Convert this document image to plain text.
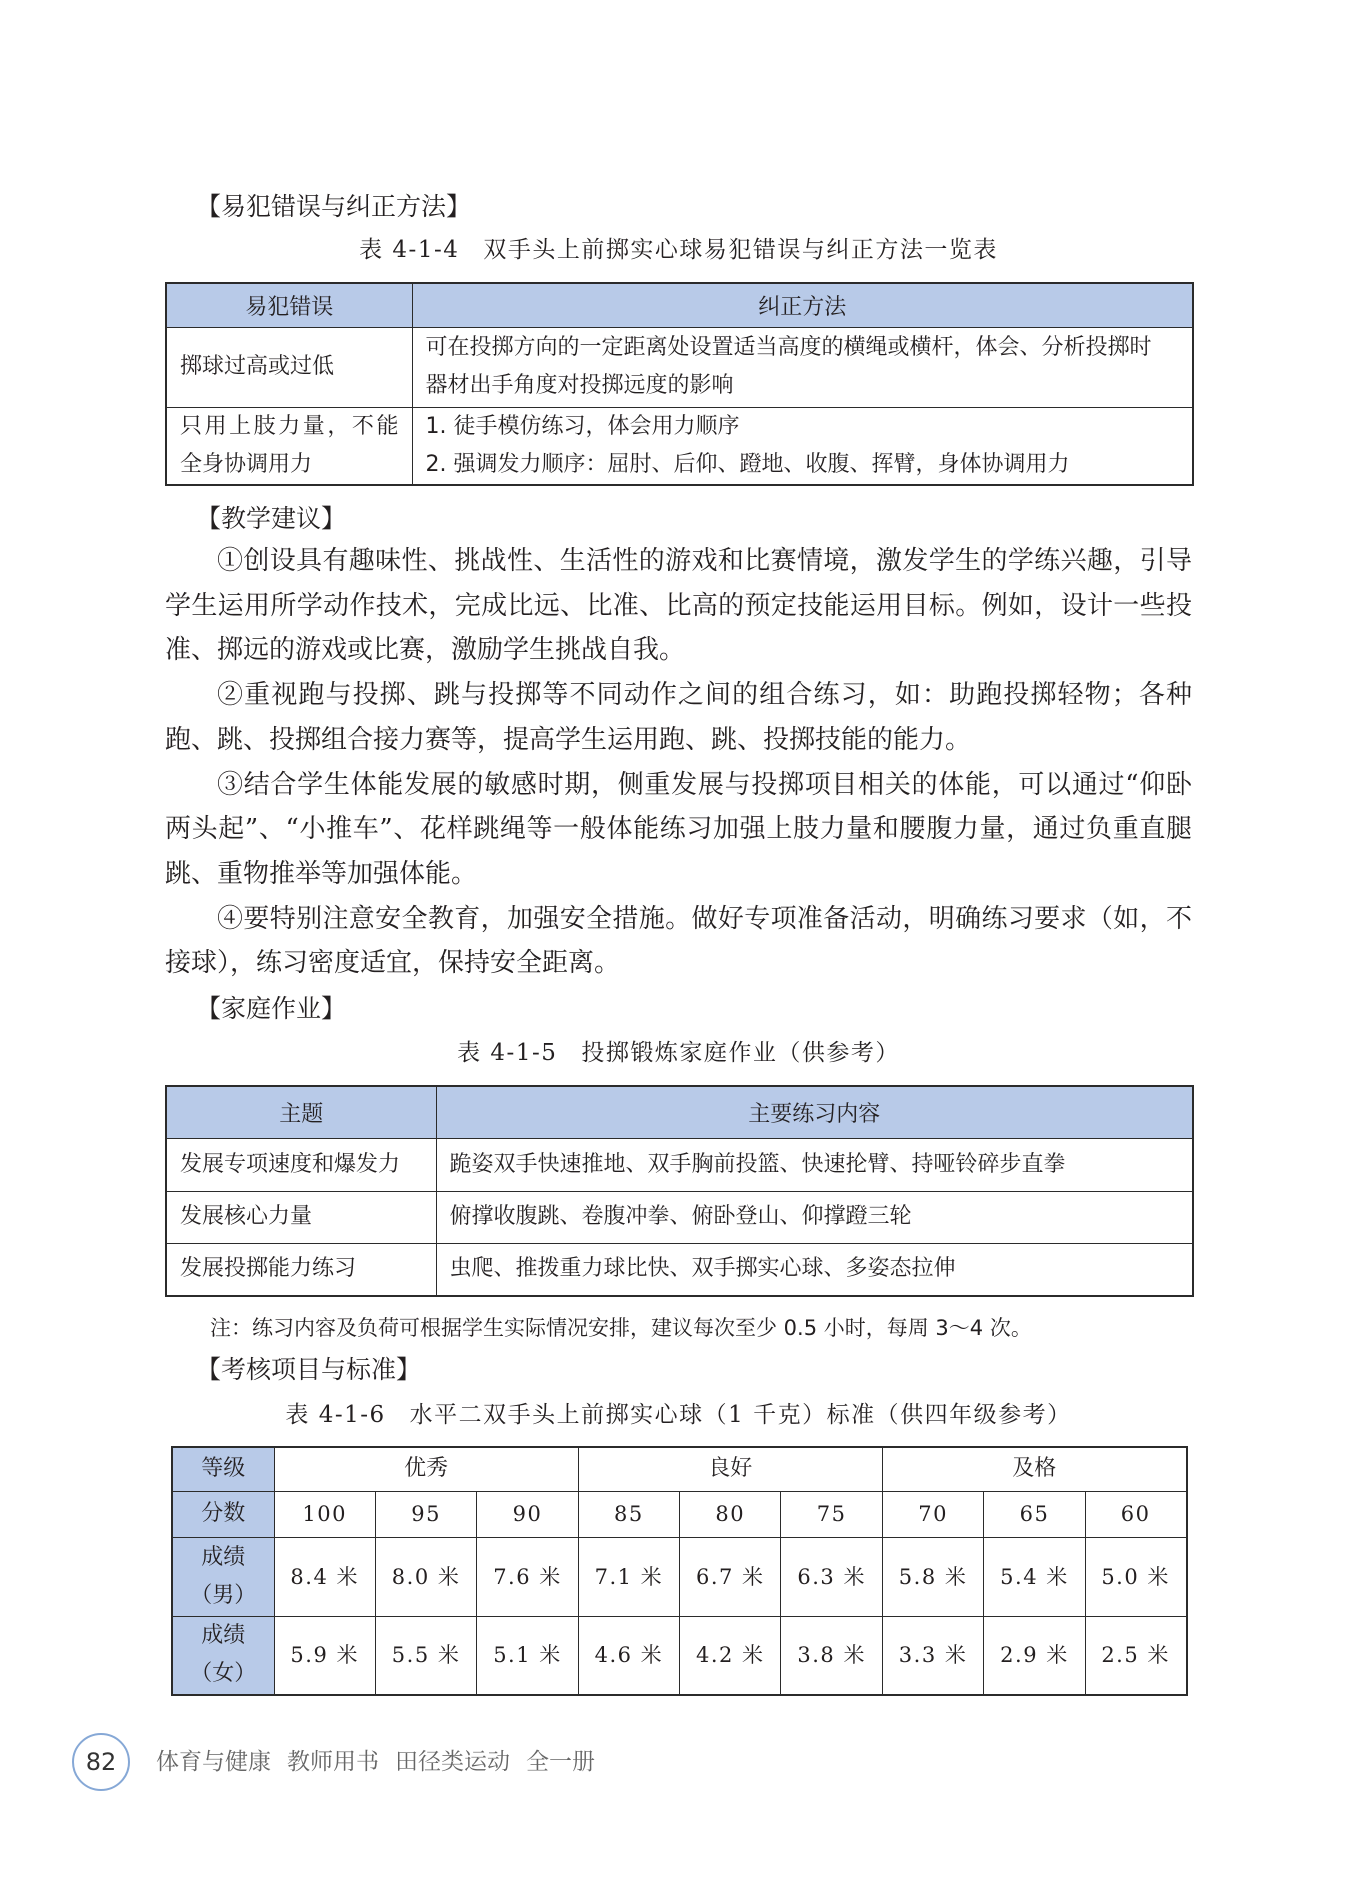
【易犯错误与纠正方法】
表 4-1-4 双手头上前掷实心球易犯错误与纠正方法一览表
易犯错误	纠正方法

掷球过高或过低	可在投掷方向的一定距离处设置适当高度的横绳或横杆，体会、分析投掷时
器材出手角度对投掷远度的影响

只用上肢力量，不能
全身协调用力	1. 徒手模仿练习，体会用力顺序
2. 强调发力顺序：屈肘、后仰、蹬地、收腹、挥臂，身体协调用力
【教学建议】

①创设具有趣味性、挑战性、生活性的游戏和比赛情境，激发学生的学练兴趣，引导学生运用所学动作技术，完成比远、比准、比高的预定技能运用目标。例如，设计一些投准、掷远的游戏或比赛，激励学生挑战自我。

②重视跑与投掷、跳与投掷等不同动作之间的组合练习，如：助跑投掷轻物；各种跑、跳、投掷组合接力赛等，提高学生运用跑、跳、投掷技能的能力。

③结合学生体能发展的敏感时期，侧重发展与投掷项目相关的体能，可以通过“仰卧两头起”、“小推车”、花样跳绳等一般体能练习加强上肢力量和腰腹力量，通过负重直腿跳、重物推举等加强体能。

④要特别注意安全教育，加强安全措施。做好专项准备活动，明确练习要求（如，不接球），练习密度适宜，保持安全距离。

【家庭作业】
表 4-1-5 投掷锻炼家庭作业（供参考）
主题	主要练习内容
发展专项速度和爆发力	跪姿双手快速推地、双手胸前投篮、快速抡臂、持哑铃碎步直拳
发展核心力量	俯撑收腹跳、卷腹冲拳、俯卧登山、仰撑蹬三轮
发展投掷能力练习	虫爬、推拨重力球比快、双手掷实心球、多姿态拉伸
注：练习内容及负荷可根据学生实际情况安排，建议每次至少 0.5 小时，每周 3～4 次。
【考核项目与标准】
表 4-1-6 水平二双手头上前掷实心球（1 千克）标准（供四年级参考）
等级	优秀			良好			及格		
分数	100	95	90	85	80	75	70	65	60

成绩
（男）	8.4 米	8.0 米	7.6 米	7.1 米	6.7 米	6.3 米	5.8 米	5.4 米	5.0 米

成绩
（女）	5.9 米	5.5 米	5.1 米	4.6 米	4.2 米	3.8 米	3.3 米	2.9 米	2.5 米
82	体育与健康 教师用书 田径类运动 全一册
